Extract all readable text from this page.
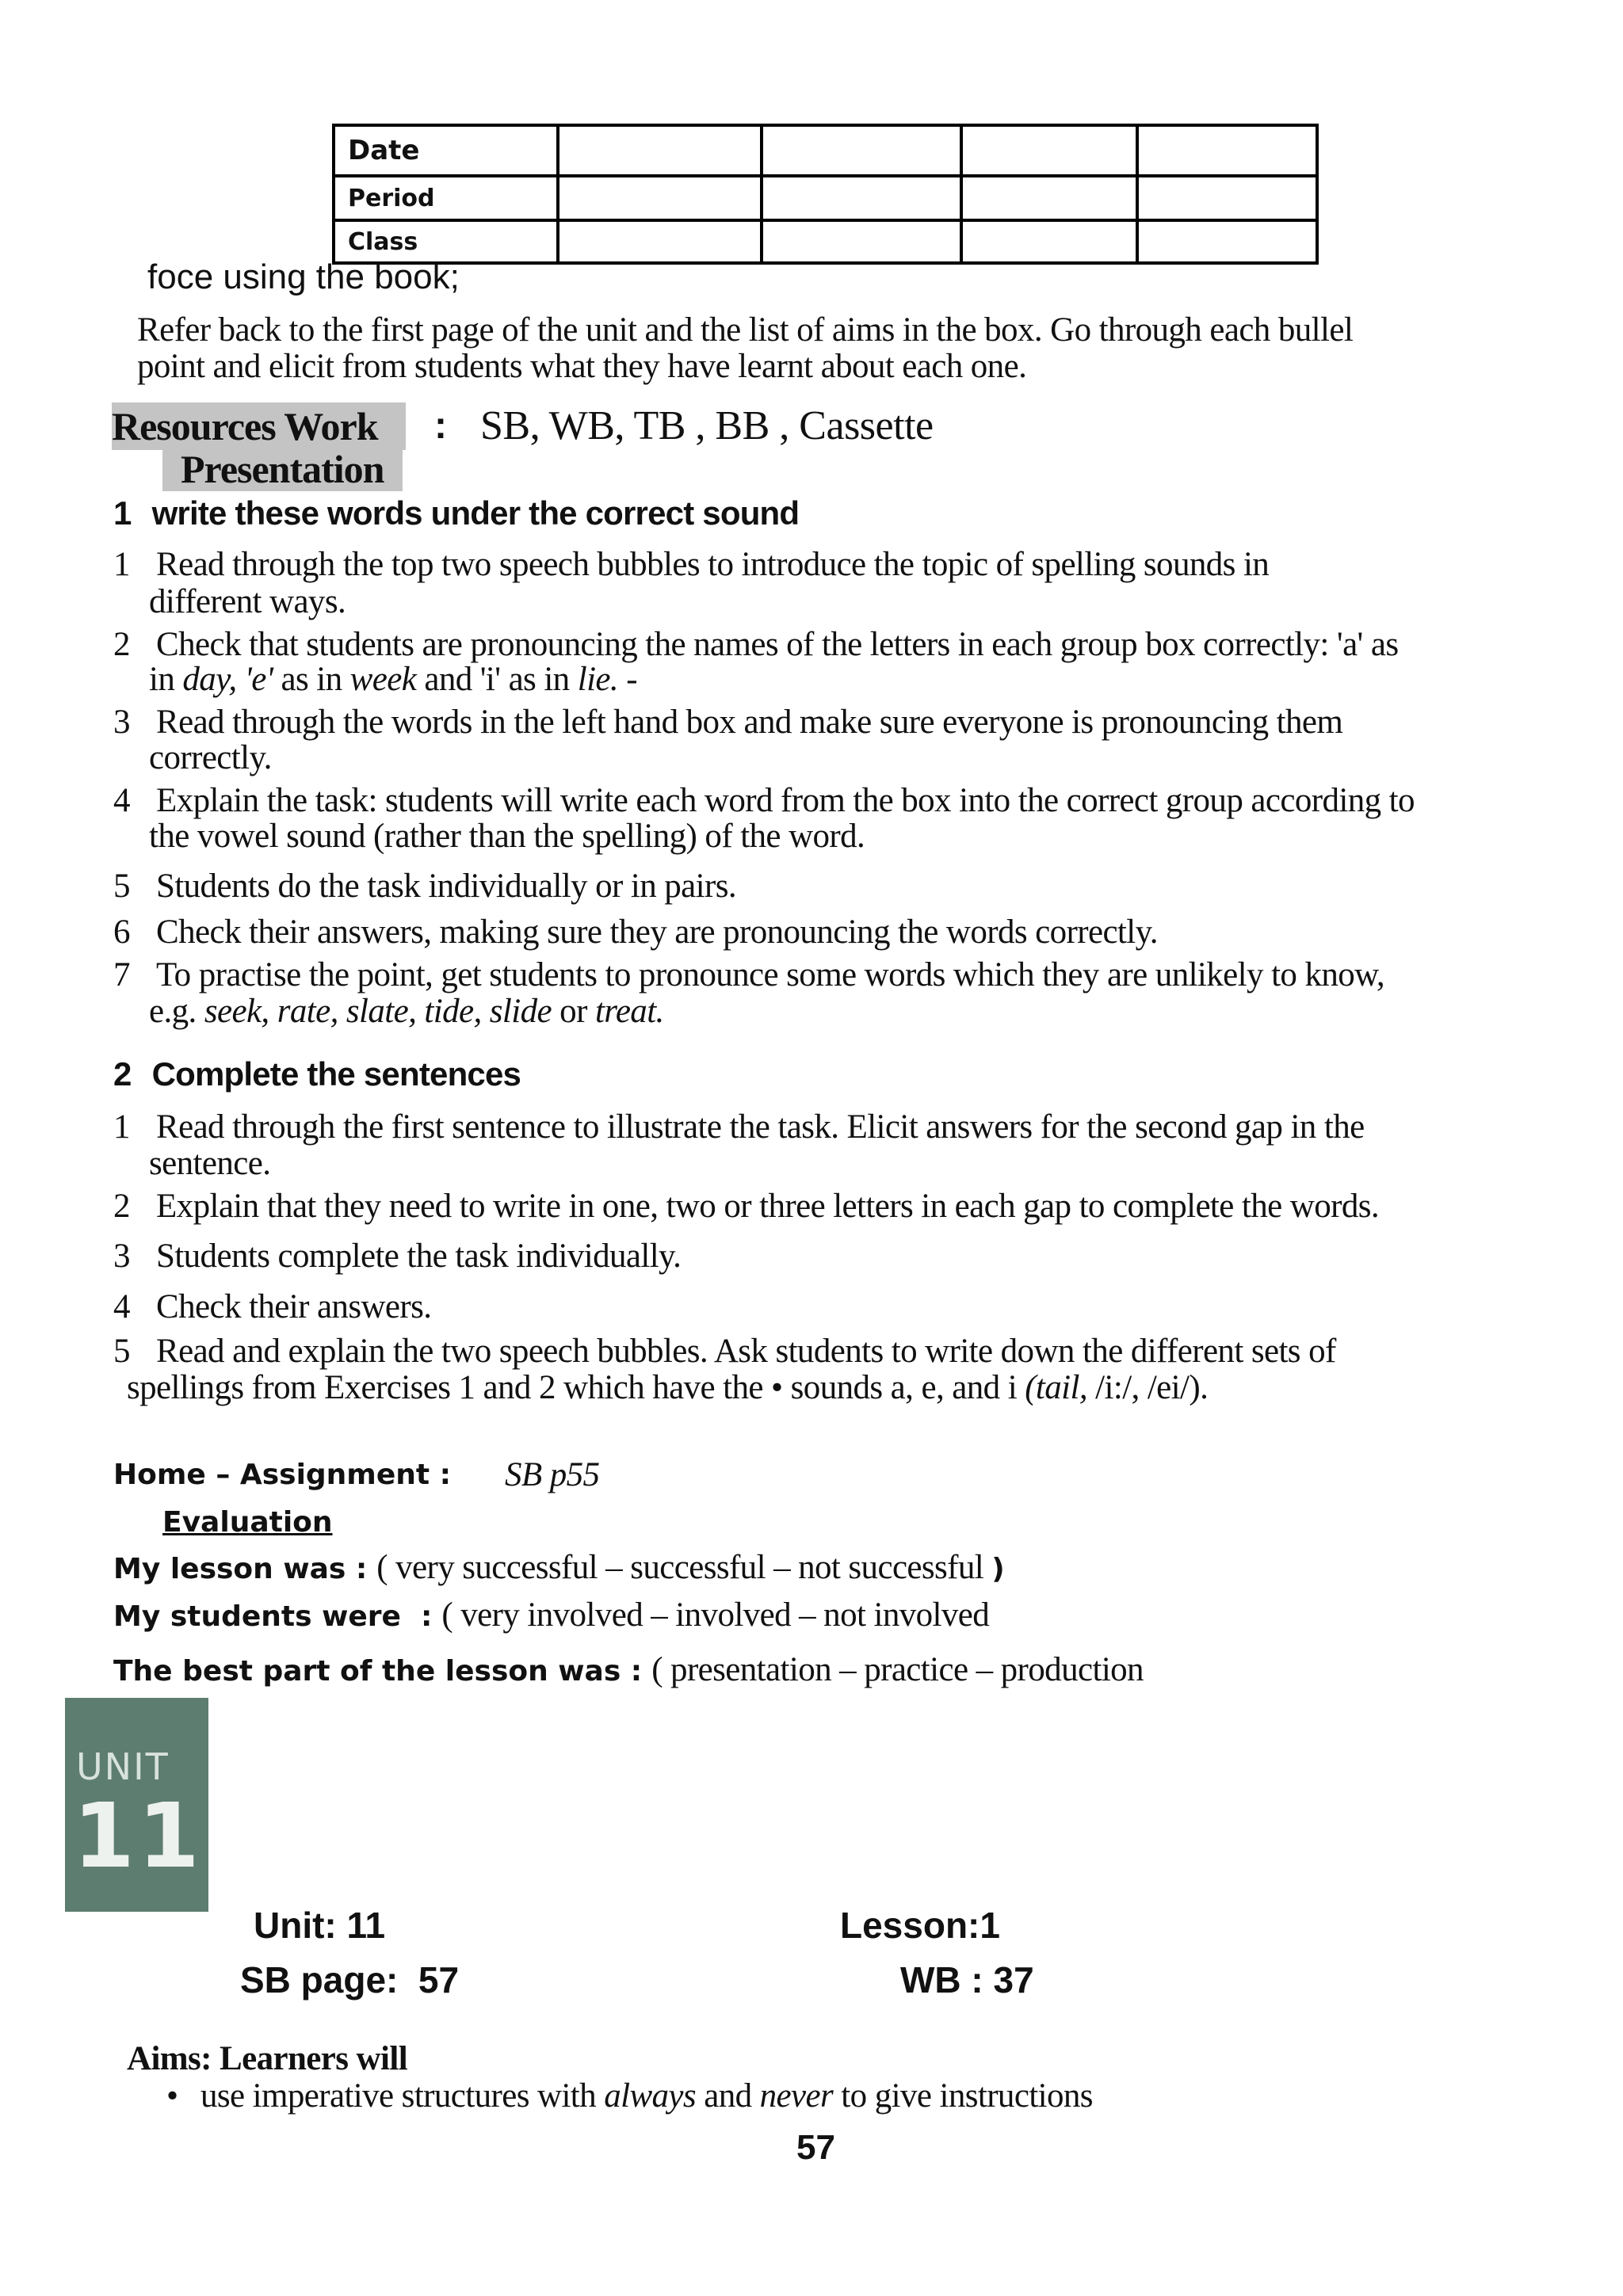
Date				
Period				
Class				
foce using the book;
Refer back to the first page of the unit and the list of aims in the box. Go through each bullel
point and elicit from students what they have learnt about each one.
Resources Work : SB, WB, TB , BB , Cassette
Presentation
1 write these words under the correct sound
1 Read through the top two speech bubbles to introduce the topic of spelling sounds in
different ways.
2 Check that students are pronouncing the names of the letters in each group box correctly: 'a' as
in day, 'e' as in week and 'i' as in lie. -
3 Read through the words in the left hand box and make sure everyone is pronouncing them
correctly.
4 Explain the task: students will write each word from the box into the correct group according to
the vowel sound (rather than the spelling) of the word.
5 Students do the task individually or in pairs.
6 Check their answers, making sure they are pronouncing the words correctly.
7 To practise the point, get students to pronounce some words which they are unlikely to know,
e.g. seek, rate, slate, tide, slide or treat.
2 Complete the sentences
1 Read through the first sentence to illustrate the task. Elicit answers for the second gap in the
sentence.
2 Explain that they need to write in one, two or three letters in each gap to complete the words.
3 Students complete the task individually.
4 Check their answers.
5 Read and explain the two speech bubbles. Ask students to write down the different sets of
spellings from Exercises 1 and 2 which have the • sounds a, e, and i (tail, /i:/, /ei/).
Home – Assignment : SB p55
Evaluation
My lesson was : ( very successful – successful – not successful )
My students were  : ( very involved – involved – not involved
The best part of the lesson was : ( presentation – practice – production
UNIT
11
Unit: 11	Lesson:1
SB page:  57	WB : 37
Aims: Learners will
• use imperative structures with always and never to give instructions
57
